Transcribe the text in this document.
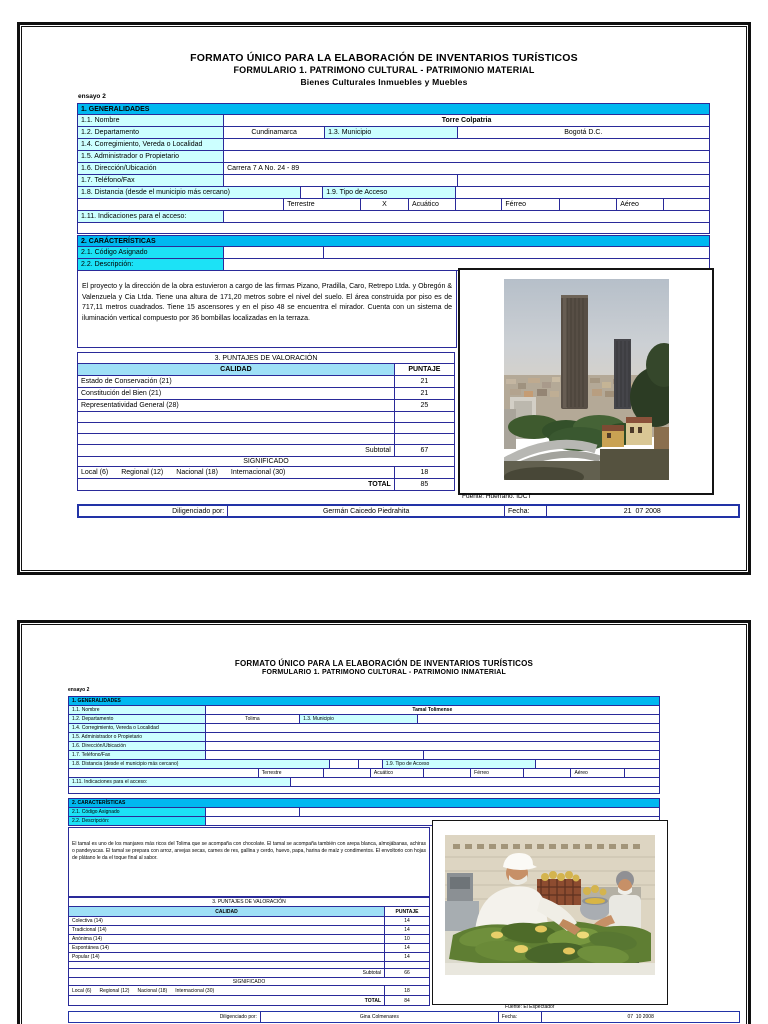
FORMATO ÚNICO PARA LA ELABORACIÓN DE INVENTARIOS TURÍSTICOS
FORMULARIO 1. PATRIMONO CULTURAL - PATRIMONIO MATERIAL
Bienes Culturales Inmuebles y Muebles
ensayo 2
1. GENERALIDADES
1.1. Nombre	Torre Colpatria
1.2. Departamento	Cundinamarca	1.3. Municipio	Bogotá D.C.
1.4. Corregimiento, Vereda o Localidad
1.5. Administrador o Propietario
1.6. Dirección/Ubicación	Carrera 7 A No. 24 - 89
1.7. Teléfono/Fax
1.8. Distancia (desde el municipio más cercano)	1.9. Tipo de Acceso
Terrestre	X	Acuático	Férreo	Aéreo
1.11. Indicaciones para el acceso:
2. CARÁCTERÍSTICAS
2.1. Código Asignado
2.2. Descripción:

El proyecto y la dirección de la obra estuvieron a cargo de las firmas Pizano, Pradilla, Caro, Retrepo Ltda. y Obregón & Valenzuela y Cia Ltda. Tiene una altura de 171,20 metros sobre el nivel del suelo. El área construida por piso es de 717,11 metros cuadrados. Tiene 15 ascensores y en el piso 48 se encuentra el mirador. Cuenta con un sistema de iluminación vertical compuesto por 36 bombillas localizadas en la terraza.

3. PUNTAJES DE VALORACIÓN
CALIDAD	PUNTAJE
Estado de Conservación (21)	21
Constitución del Bien (21)	21
Representatividad General (28)	25
Subtotal	67
SIGNIFICADO
Local (6) Regional (12) Nacional (18) Internacional (30)	18
TOTAL	85
Fuente: Huerfano. IDCT
Diligenciado por:	Germán Caicedo Piedrahita	Fecha:	21  07 2008
FORMATO ÚNICO PARA LA ELABORACIÓN DE INVENTARIOS TURÍSTICOS
FORMULARIO 1. PATRIMONO CULTURAL - PATRIMONIO INMATERIAL
ensayo 2
1. GENERALIDADES
1.1. Nombre	Tamal Tolimense
1.2. Departamento	Tolima	1.3. Municipio
1.4. Corregimiento, Vereda o Localidad
1.5. Administrador o Propietario
1.6. Dirección/Ubicación
1.7. Teléfono/Fax
1.8. Distancia (desde el municipio más cercano)	1.9. Tipo de Acceso
Terrestre	Acuático	Férreo	Aéreo
1.11. Indicaciones para el acceso:
2. CARACTERÍSTICAS
2.1. Código Asignado
2.2. Descripción:

El tamal es uno de los manjares más ricos del Tolima que se acompaña con chocolate. El tamal se acompaña también con arepa blanca, almojábanas, achiras o pandeyucas. El tamal se prepara con arroz, arvejas secas, carnes de res, gallina y cerdo, huevo, papa, harina de maíz y condimentos. El envoltorio con hojas de plátano le da el toque final al sabor.

3. PUNTAJES DE VALORACIÓN
CALIDAD	PUNTAJE
Colectiva (14)	14
Tradicional (14)	14
Anónima (14)	10
Espontánea (14)	14
Popular (14)	14
Subtotal	66
SIGNIFICADO
Local (6) Regional (12) Nacional (18) Internacional (30)	18
TOTAL	84
Fuente: El Espectador
Diligenciado por:	Gina Colmenares	Fecha:	07  10 2008
